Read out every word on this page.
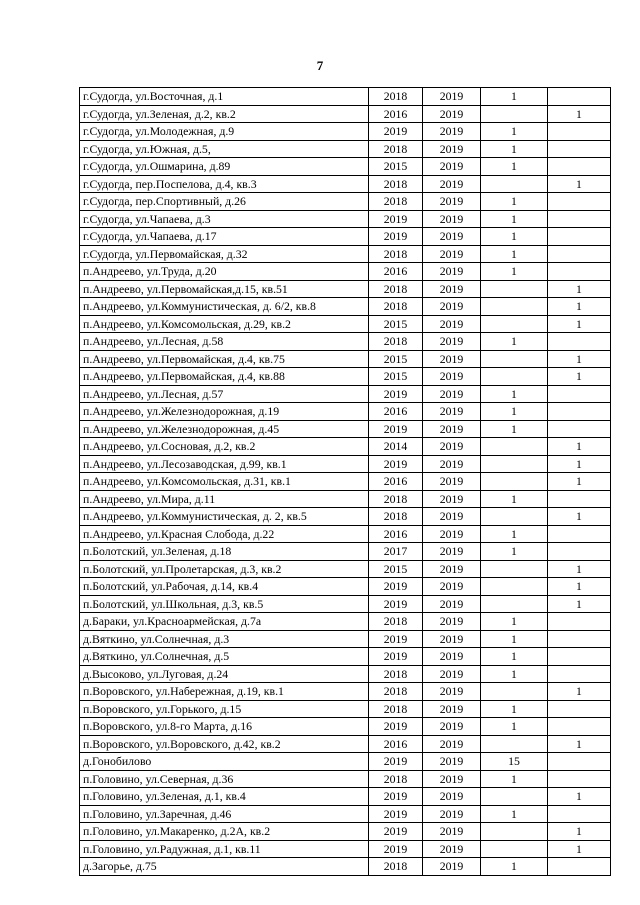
7
г.Судогда, ул.Восточная, д.1	2018	2019	1	
г.Судогда, ул.Зеленая, д.2, кв.2	2016	2019		1
г.Судогда, ул.Молодежная, д.9	2019	2019	1	
г.Судогда, ул.Южная, д.5,	2018	2019	1	
г.Судогда, ул.Ошмарина, д.89	2015	2019	1	
г.Судогда, пер.Поспелова, д.4, кв.3	2018	2019		1
г.Судогда, пер.Спортивный, д.26	2018	2019	1	
г.Судогда, ул.Чапаева, д.3	2019	2019	1	
г.Судогда, ул.Чапаева, д.17	2019	2019	1	
г.Судогда, ул.Первомайская, д.32	2018	2019	1	
п.Андреево, ул.Труда, д.20	2016	2019	1	
п.Андреево, ул.Первомайская,д.15, кв.51	2018	2019		1
п.Андреево, ул.Коммунистическая, д. 6/2, кв.8	2018	2019		1
п.Андреево, ул.Комсомольская, д.29, кв.2	2015	2019		1
п.Андреево, ул.Лесная, д.58	2018	2019	1	
п.Андреево, ул.Первомайская, д.4, кв.75	2015	2019		1
п.Андреево, ул.Первомайская, д.4, кв.88	2015	2019		1
п.Андреево, ул.Лесная, д.57	2019	2019	1	
п.Андреево, ул.Железнодорожная, д.19	2016	2019	1	
п.Андреево, ул.Железнодорожная, д.45	2019	2019	1	
п.Андреево, ул.Сосновая, д.2, кв.2	2014	2019		1
п.Андреево, ул.Лесозаводская, д.99, кв.1	2019	2019		1
п.Андреево, ул.Комсомольская, д.31, кв.1	2016	2019		1
п.Андреево, ул.Мира, д.11	2018	2019	1	
п.Андреево, ул.Коммунистическая, д. 2, кв.5	2018	2019		1
п.Андреево, ул.Красная Слобода, д.22	2016	2019	1	
п.Болотский, ул.Зеленая, д.18	2017	2019	1	
п.Болотский, ул.Пролетарская, д.3, кв.2	2015	2019		1
п.Болотский, ул.Рабочая, д.14, кв.4	2019	2019		1
п.Болотский, ул.Школьная, д.3, кв.5	2019	2019		1
д.Бараки, ул.Красноармейская, д.7а	2018	2019	1	
д.Вяткино, ул.Солнечная, д.3	2019	2019	1	
д.Вяткино, ул.Солнечная, д.5	2019	2019	1	
д.Высоково, ул.Луговая, д.24	2018	2019	1	
п.Воровского, ул.Набережная, д.19, кв.1	2018	2019		1
п.Воровского, ул.Горького, д.15	2018	2019	1	
п.Воровского, ул.8-го Марта, д.16	2019	2019	1	
п.Воровского, ул.Воровского, д.42, кв.2	2016	2019		1
д.Гонобилово	2019	2019	15	
п.Головино, ул.Северная, д.36	2018	2019	1	
п.Головино, ул.Зеленая, д.1, кв.4	2019	2019		1
п.Головино, ул.Заречная, д.46	2019	2019	1	
п.Головино, ул.Макаренко, д.2А, кв.2	2019	2019		1
п.Головино, ул.Радужная, д.1, кв.11	2019	2019		1
д.Загорье, д.75	2018	2019	1	
